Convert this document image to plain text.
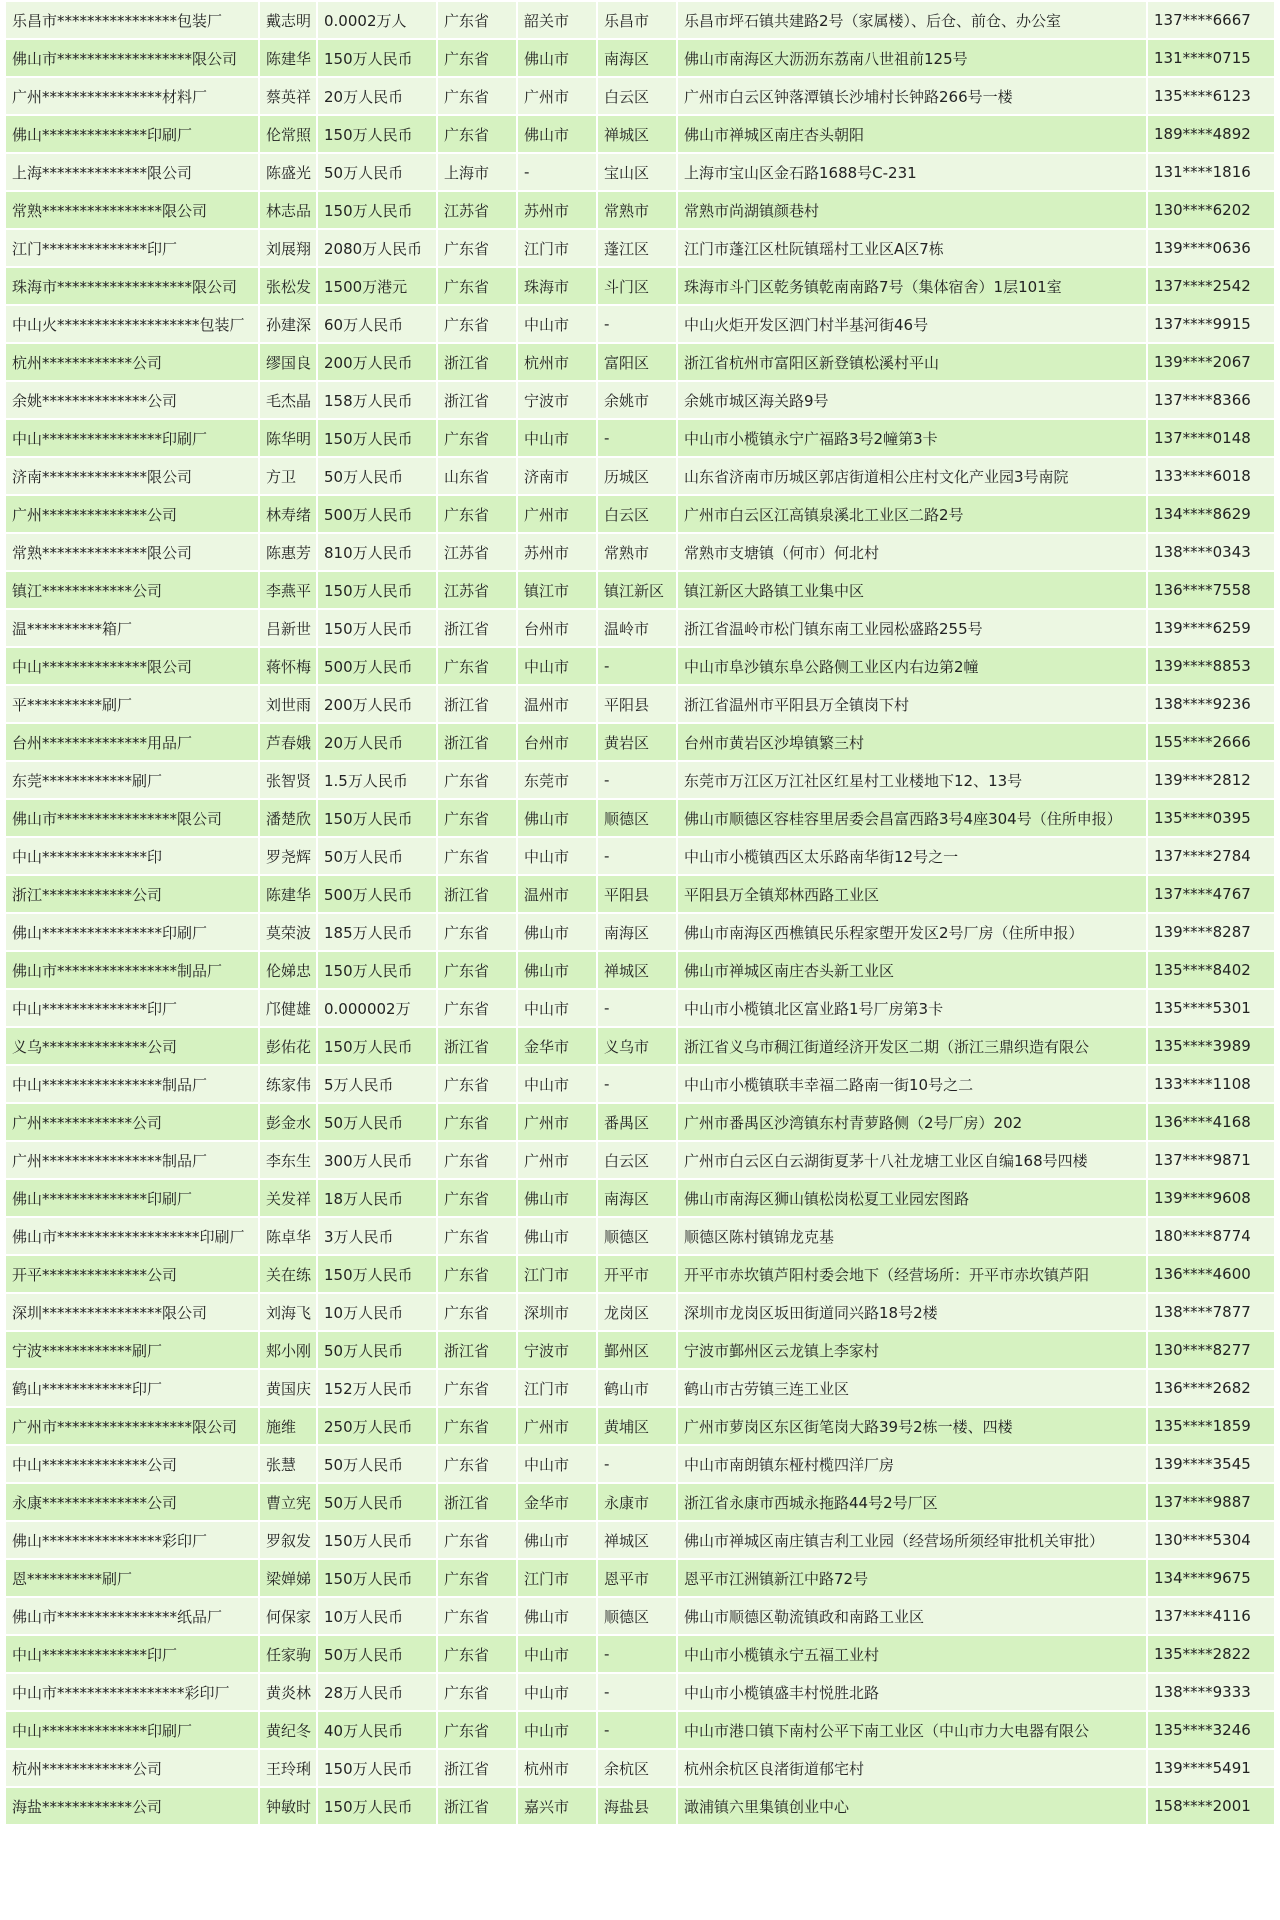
乐昌市****************包装厂	戴志明	0.0002万人	广东省	韶关市	乐昌市	乐昌市坪石镇共建路2号（家属楼）、后仓、前仓、办公室	137****6667
佛山市******************限公司	陈建华	150万人民币	广东省	佛山市	南海区	佛山市南海区大沥沥东荔南八世祖前125号	131****0715
广州****************材料厂	蔡英祥	20万人民币	广东省	广州市	白云区	广州市白云区钟落潭镇长沙埔村长钟路266号一楼	135****6123
佛山**************印刷厂	伦常照	150万人民币	广东省	佛山市	禅城区	佛山市禅城区南庄杏头朝阳	189****4892
上海**************限公司	陈盛光	50万人民币	上海市	-	宝山区	上海市宝山区金石路1688号C-231	131****1816
常熟****************限公司	林志品	150万人民币	江苏省	苏州市	常熟市	常熟市尚湖镇颜巷村	130****6202
江门**************印厂	刘展翔	2080万人民币	广东省	江门市	蓬江区	江门市蓬江区杜阮镇瑶村工业区A区7栋	139****0636
珠海市******************限公司	张松发	1500万港元	广东省	珠海市	斗门区	珠海市斗门区乾务镇乾南南路7号（集体宿舍）1层101室	137****2542
中山火*******************包装厂	孙建深	60万人民币	广东省	中山市	-	中山火炬开发区泗门村半基河街46号	137****9915
杭州************公司	缪国良	200万人民币	浙江省	杭州市	富阳区	浙江省杭州市富阳区新登镇松溪村平山	139****2067
余姚**************公司	毛杰晶	158万人民币	浙江省	宁波市	余姚市	余姚市城区海关路9号	137****8366
中山****************印刷厂	陈华明	150万人民币	广东省	中山市	-	中山市小榄镇永宁广福路3号2幢第3卡	137****0148
济南**************限公司	方卫	50万人民币	山东省	济南市	历城区	山东省济南市历城区郭店街道相公庄村文化产业园3号南院	133****6018
广州**************公司	林寿绪	500万人民币	广东省	广州市	白云区	广州市白云区江高镇泉溪北工业区二路2号	134****8629
常熟**************限公司	陈惠芳	810万人民币	江苏省	苏州市	常熟市	常熟市支塘镇（何市）何北村	138****0343
镇江************公司	李燕平	150万人民币	江苏省	镇江市	镇江新区	镇江新区大路镇工业集中区	136****7558
温**********箱厂	吕新世	150万人民币	浙江省	台州市	温岭市	浙江省温岭市松门镇东南工业园松盛路255号	139****6259
中山**************限公司	蒋怀梅	500万人民币	广东省	中山市	-	中山市阜沙镇东阜公路侧工业区内右边第2幢	139****8853
平**********刷厂	刘世雨	200万人民币	浙江省	温州市	平阳县	浙江省温州市平阳县万全镇岗下村	138****9236
台州**************用品厂	芦春娥	20万人民币	浙江省	台州市	黄岩区	台州市黄岩区沙埠镇繁三村	155****2666
东莞************刷厂	张智贤	1.5万人民币	广东省	东莞市	-	东莞市万江区万江社区红星村工业楼地下12、13号	139****2812
佛山市****************限公司	潘楚欣	150万人民币	广东省	佛山市	顺德区	佛山市顺德区容桂容里居委会昌富西路3号4座304号（住所申报）	135****0395
中山**************印	罗尧辉	50万人民币	广东省	中山市	-	中山市小榄镇西区太乐路南华街12号之一	137****2784
浙江************公司	陈建华	500万人民币	浙江省	温州市	平阳县	平阳县万全镇郑林西路工业区	137****4767
佛山****************印刷厂	莫荣波	185万人民币	广东省	佛山市	南海区	佛山市南海区西樵镇民乐程家塱开发区2号厂房（住所申报）	139****8287
佛山市****************制品厂	伦娣忠	150万人民币	广东省	佛山市	禅城区	佛山市禅城区南庄杏头新工业区	135****8402
中山**************印厂	邝健雄	0.000002万	广东省	中山市	-	中山市小榄镇北区富业路1号厂房第3卡	135****5301
义乌**************公司	彭佑花	150万人民币	浙江省	金华市	义乌市	浙江省义乌市稠江街道经济开发区二期（浙江三鼎织造有限公	135****3989
中山****************制品厂	练家伟	5万人民币	广东省	中山市	-	中山市小榄镇联丰幸福二路南一街10号之二	133****1108
广州************公司	彭金水	50万人民币	广东省	广州市	番禺区	广州市番禺区沙湾镇东村青萝路侧（2号厂房）202	136****4168
广州****************制品厂	李东生	300万人民币	广东省	广州市	白云区	广州市白云区白云湖街夏茅十八社龙塘工业区自编168号四楼	137****9871
佛山**************印刷厂	关发祥	18万人民币	广东省	佛山市	南海区	佛山市南海区狮山镇松岗松夏工业园宏图路	139****9608
佛山市*******************印刷厂	陈卓华	3万人民币	广东省	佛山市	顺德区	顺德区陈村镇锦龙克基	180****8774
开平**************公司	关在练	150万人民币	广东省	江门市	开平市	开平市赤坎镇芦阳村委会地下（经营场所：开平市赤坎镇芦阳	136****4600
深圳****************限公司	刘海飞	10万人民币	广东省	深圳市	龙岗区	深圳市龙岗区坂田街道同兴路18号2楼	138****7877
宁波************刷厂	郏小刚	50万人民币	浙江省	宁波市	鄞州区	宁波市鄞州区云龙镇上李家村	130****8277
鹤山************印厂	黄国庆	152万人民币	广东省	江门市	鹤山市	鹤山市古劳镇三连工业区	136****2682
广州市******************限公司	施维	250万人民币	广东省	广州市	黄埔区	广州市萝岗区东区街笔岗大路39号2栋一楼、四楼	135****1859
中山**************公司	张慧	50万人民币	广东省	中山市	-	中山市南朗镇东桠村榄四洋厂房	139****3545
永康**************公司	曹立宪	50万人民币	浙江省	金华市	永康市	浙江省永康市西城永拖路44号2号厂区	137****9887
佛山****************彩印厂	罗叙发	150万人民币	广东省	佛山市	禅城区	佛山市禅城区南庄镇吉利工业园（经营场所须经审批机关审批）	130****5304
恩**********刷厂	梁婵娣	150万人民币	广东省	江门市	恩平市	恩平市江洲镇新江中路72号	134****9675
佛山市****************纸品厂	何保家	10万人民币	广东省	佛山市	顺德区	佛山市顺德区勒流镇政和南路工业区	137****4116
中山**************印厂	任家驹	50万人民币	广东省	中山市	-	中山市小榄镇永宁五福工业村	135****2822
中山市*****************彩印厂	黄炎林	28万人民币	广东省	中山市	-	中山市小榄镇盛丰村悦胜北路	138****9333
中山**************印刷厂	黄纪冬	40万人民币	广东省	中山市	-	中山市港口镇下南村公平下南工业区（中山市力大电器有限公	135****3246
杭州************公司	王玲琍	150万人民币	浙江省	杭州市	余杭区	杭州余杭区良渚街道郁宅村	139****5491
海盐************公司	钟敏时	150万人民币	浙江省	嘉兴市	海盐县	澉浦镇六里集镇创业中心	158****2001
